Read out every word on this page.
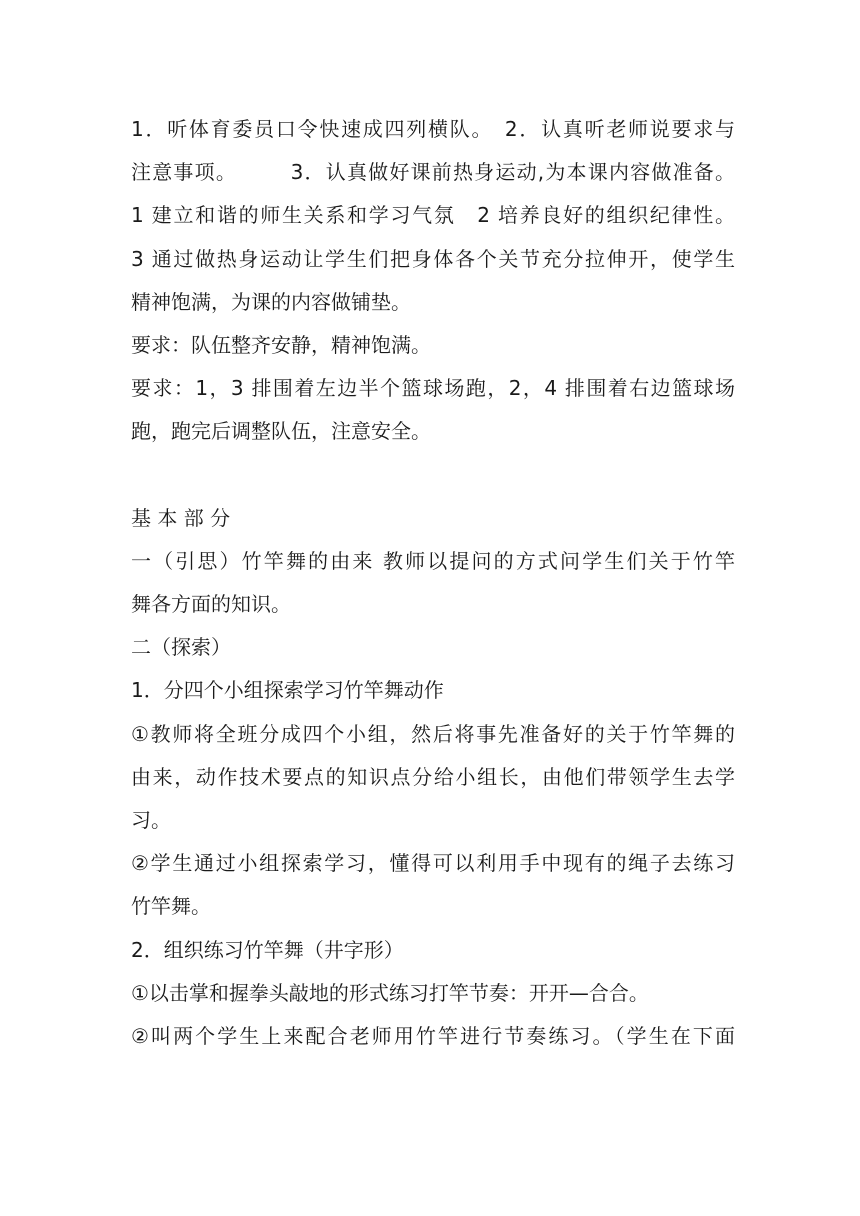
1．听体育委员口令快速成四列横队。　2．认真听老师说要求与
注意事项。　　　3．认真做好课前热身运动,为本课内容做准备。
1 建立和谐的师生关系和学习气氛　2 培养良好的组织纪律性。
3 通过做热身运动让学生们把身体各个关节充分拉伸开，使学生
精神饱满，为课的内容做铺垫。
要求：队伍整齐安静，精神饱满。
要求：1，3 排围着左边半个篮球场跑，2，4 排围着右边篮球场
跑，跑完后调整队伍，注意安全。
基 本 部 分
一（引思）竹竿舞的由来 教师以提问的方式问学生们关于竹竿
舞各方面的知识。
二（探索）
1．分四个小组探索学习竹竿舞动作
①教师将全班分成四个小组，然后将事先准备好的关于竹竿舞的
由来，动作技术要点的知识点分给小组长，由他们带领学生去学
习。
②学生通过小组探索学习，懂得可以利用手中现有的绳子去练习
竹竿舞。
2．组织练习竹竿舞（井字形）
①以击掌和握拳头敲地的形式练习打竿节奏：开开—合合。
②叫两个学生上来配合老师用竹竿进行节奏练习。（学生在下面
